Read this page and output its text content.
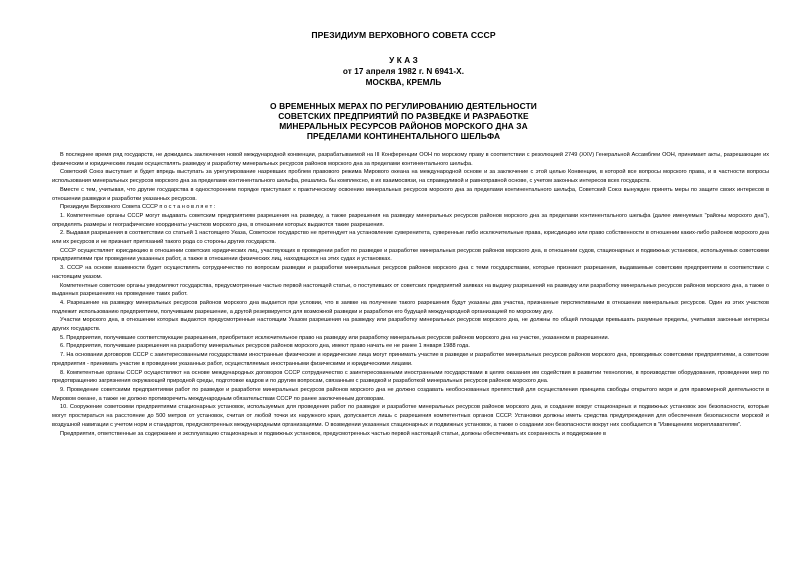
ПРЕЗИДИУМ ВЕРХОВНОГО СОВЕТА СССР
У К А З
от 17 апреля 1982 г. N 6941-X.
МОСКВА, КРЕМЛЬ
О ВРЕМЕННЫХ МЕРАХ ПО РЕГУЛИРОВАНИЮ ДЕЯТЕЛЬНОСТИ
СОВЕТСКИХ ПРЕДПРИЯТИЙ ПО РАЗВЕДКЕ И РАЗРАБОТКЕ
МИНЕРАЛЬНЫХ РЕСУРСОВ РАЙОНОВ МОРСКОГО ДНА ЗА
ПРЕДЕЛАМИ КОНТИНЕНТАЛЬНОГО ШЕЛЬФА

В последнее время ряд государств, не дожидаясь заключения новой международной конвенции, разрабатываемой на III Конференции ООН по морскому праву в соответствии с резолюцией 2749 (XXV) Генеральной Ассамблеи ООН, принимает акты, разрешающие их физическим и юридическим лицам осуществлять разведку и разработку минеральных ресурсов районов морского дна за пределами континентального шельфа.

Советский Союз выступает и будет впредь выступать за урегулирование назревших проблем правового режима Мирового океана на международной основе и за заключение с этой целью Конвенции, в которой все вопросы морского права, и в частности вопросы использования минеральных ресурсов морского дна за пределами континентального шельфа, решались бы комплексно, в их взаимосвязи, на справедливой и равноправной основе, с учетом законных интересов всех государств.

Вместе с тем, учитывая, что другие государства в одностороннем порядке приступают к практическому освоению минеральных ресурсов морского дна за пределами континентального шельфа, Советский Союз вынужден принять меры по защите своих интересов в отношении разведки и разработки указанных ресурсов.

Президиум Верховного Совета СССР п о с т а н о в л я е т :

1. Компетентные органы СССР могут выдавать советским предприятиям разрешения на разведку, а также разрешения на разведку минеральных ресурсов районов морского дна за пределами континентального шельфа (далее именуемых "районы морского дна"), определять размеры и географические координаты участков морского дна, в отношении которых выдаются такие разрешения.

2. Выдавая разрешения в соответствии со статьей 1 настоящего Указа, Советское государство не претендует на установление суверенитета, суверенные либо исключительные права, юрисдикцию или право собственности в отношении каких-либо районов морского дна или их ресурсов и не признает притязаний такого рода со стороны других государств.

СССР осуществляет юрисдикцию в отношении советских юридических лиц, участвующих в проведении работ по разведке и разработке минеральных ресурсов районов морского дна, в отношении судов, стационарных и подвижных установок, используемых советскими предприятиями при проведении указанных работ, а также в отношении физических лиц, находящихся на этих судах и установках.

3. СССР на основе взаимности будет осуществлять сотрудничество по вопросам разведки и разработки минеральных ресурсов районов морского дна с теми государствами, которые признают разрешения, выдаваемые советским предприятиям в соответствии с настоящим указом.

Компетентные советские органы уведомляют государства, предусмотренные частью первой настоящей статьи, о поступивших от советских предприятий заявках на выдачу разрешений на разведку или разработку минеральных ресурсов районов морского дна, а также о выданных разрешениях на проведение таких работ.

4. Разрешение на разведку минеральных ресурсов районов морского дна выдается при условии, что в заявке на получение такого разрешения будут указаны два участка, признанные перспективными в отношении минеральных ресурсов. Один из этих участков подлежит использованию предприятием, получившим разрешение, а другой резервируется для возможной разведки и разработки его будущей международной организацией по морскому дну.

Участки морского дна, в отношении которых выдаются предусмотренные настоящим Указом разрешения на разведку или разработку минеральных ресурсов морского дна, не должны по общей площади превышать разумные пределы, учитывая законные интересы других государств.

5. Предприятия, получившие соответствующие разрешения, приобретают исключительное право на разведку или разработку минеральных ресурсов районов морского дна на участке, указанном в разрешении.

6. Предприятия, получившие разрешения на разработку минеральных ресурсов районов морского дна, имеют право начать ее не ранее 1 января 1988 года.

7. На основании договоров СССР с заинтересованными государствами иностранные физические и юридические лица могут принимать участие в разведке и разработке минеральных ресурсов районов морского дна, проводимых советскими предприятиями, а советские предприятия - принимать участие в проведении указанных работ, осуществляемых иностранными физическими и юридическими лицами.

8. Компетентные органы СССР осуществляют на основе международных договоров СССР сотрудничество с заинтересованными иностранными государствами в целях оказания им содействия в развитии технологии, в производстве оборудования, проведении мер по предотвращению загрязнения окружающей природной среды, подготовке кадров и по другим вопросам, связанным с разведкой и разработкой минеральных ресурсов районов морского дна.

9. Проведение советскими предприятиями работ по разведке и разработке минеральных ресурсов районов морского дна не должно создавать необоснованных препятствий для осуществления принципа свободы открытого моря и для правомерной деятельности в Мировом океане, а также не должно противоречить международным обязательствам СССР по ранее заключенным договорам.

10. Сооружение советскими предприятиями стационарных установок, используемых для проведения работ по разведке и разработке минеральных ресурсов районов морского дна, и создание вокруг стационарных и подвижных установок зон безопасности, которые могут простираться на расстояние до 500 метров от установок, считая от любой точки их наружного края, допускается лишь с разрешения компетентных органов СССР. Установки должны иметь средства предупреждения для обеспечения безопасности морской и воздушной навигации с учетом норм и стандартов, предусмотренных международными организациями. О возведении указанных стационарных и подвижных установок, а также о создании зон безопасности вокруг них сообщается в "Извещениях мореплавателям".

Предприятия, ответственные за содержание и эксплуатацию стационарных и подвижных установок, предусмотренных частью первой настоящей статьи, должны обеспечивать их сохранность и поддержание в
